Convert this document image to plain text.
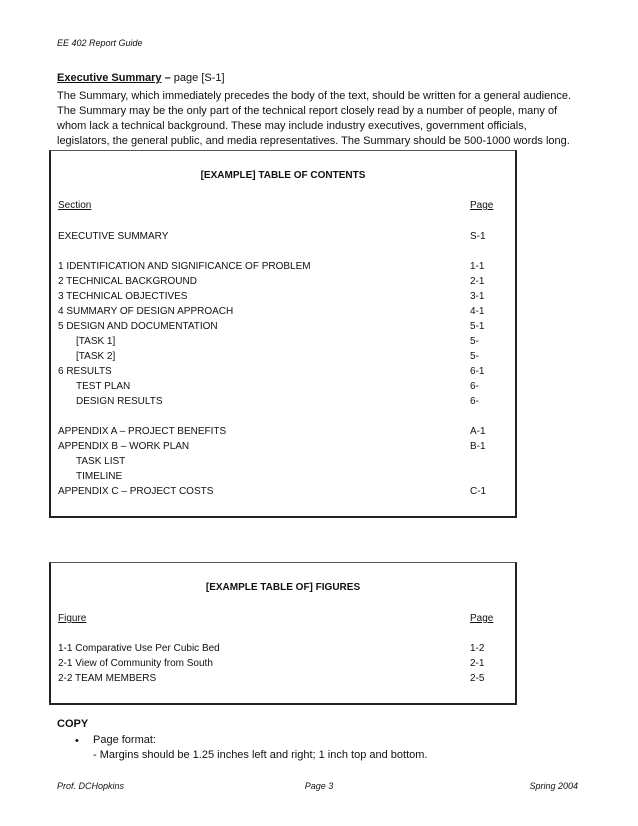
EE 402 Report Guide
Executive Summary – page [S-1]
The Summary, which immediately precedes the body of the text, should be written for a general audience. The Summary may be the only part of the technical report closely read by a number of people, many of whom lack a technical background. These may include industry executives, government officials, legislators, the general public, and media representatives. The Summary should be 500-1000 words long.
[EXAMPLE] TABLE OF CONTENTS
Section	Page
EXECUTIVE SUMMARY	S-1
1 IDENTIFICATION AND SIGNIFICANCE OF PROBLEM	1-1
2 TECHNICAL BACKGROUND	2-1
3 TECHNICAL OBJECTIVES	3-1
4 SUMMARY OF DESIGN APPROACH	4-1
5 DESIGN AND DOCUMENTATION	5-1
[TASK 1]	5-
[TASK 2]	5-
6 RESULTS	6-1
TEST PLAN	6-
DESIGN RESULTS	6-
APPENDIX A – PROJECT BENEFITS	A-1
APPENDIX B – WORK PLAN	B-1
TASK LIST
TIMELINE
APPENDIX C – PROJECT COSTS	C-1
[EXAMPLE TABLE OF] FIGURES
Figure	Page
1-1 Comparative Use Per Cubic Bed	1-2
2-1 View of Community from South	2-1
2-2 TEAM MEMBERS	2-5
COPY
• Page format:
- Margins should be 1.25 inches left and right; 1 inch top and bottom.
Prof. DCHopkins	Page 3	Spring 2004
